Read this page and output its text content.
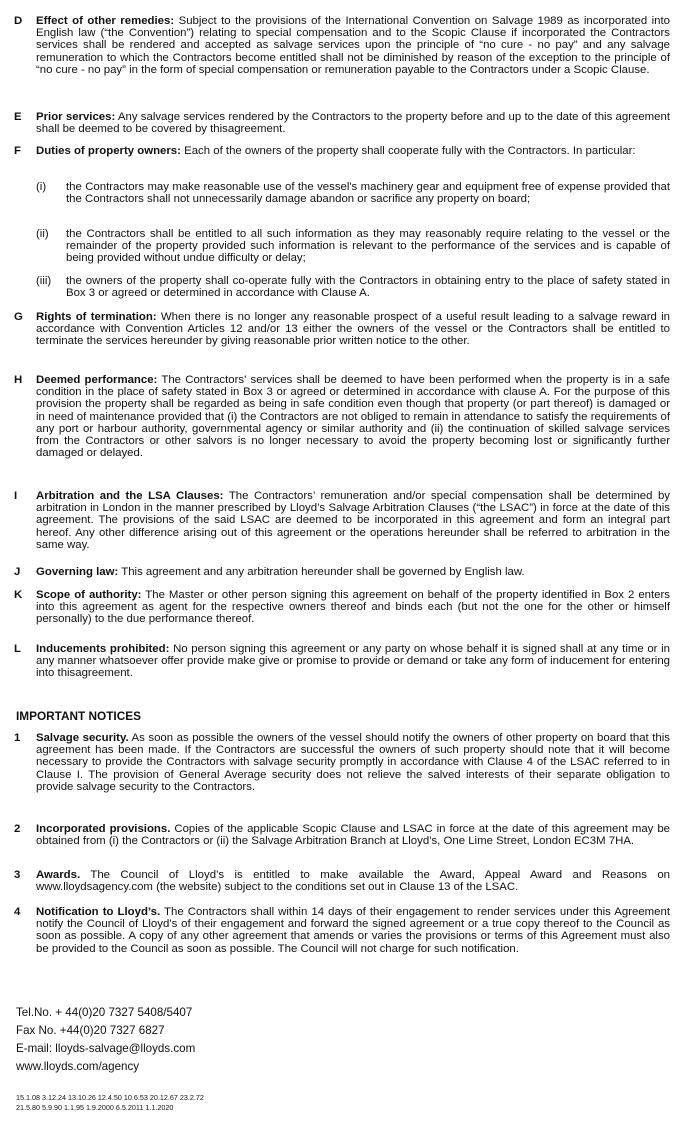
D	Effect of other remedies: Subject to the provisions of the International Convention on Salvage 1989 as incorporated into English law (“the Convention”) relating to special compensation and to the Scopic Clause if incorporated the Contractors services shall be rendered and accepted as salvage services upon the principle of “no cure - no pay” and any salvage remuneration to which the Contractors become entitled shall not be diminished by reason of the exception to the principle of “no cure - no pay” in the form of special compensation or remuneration payable to the Contractors under a Scopic Clause.
E	Prior services: Any salvage services rendered by the Contractors to the property before and up to the date of this agreement shall be deemed to be covered by thisagreement.
F	Duties of property owners: Each of the owners of the property shall cooperate fully with the Contractors. In particular:
(i)	the Contractors may make reasonable use of the vessel's machinery gear and equipment free of expense provided that the Contractors shall not unnecessarily damage abandon or sacrifice any property on board;
(ii)	the Contractors shall be entitled to all such information as they may reasonably require relating to the vessel or the remainder of the property provided such information is relevant to the performance of the services and is capable of being provided without undue difficulty or delay;
(iii)	the owners of the property shall co-operate fully with the Contractors in obtaining entry to the place of safety stated in Box 3 or agreed or determined in accordance with Clause A.
G	Rights of termination: When there is no longer any reasonable prospect of a useful result leading to a salvage reward in accordance with Convention Articles 12 and/or 13 either the owners of the vessel or the Contractors shall be entitled to terminate the services hereunder by giving reasonable prior written notice to the other.
H	Deemed performance: The Contractors' services shall be deemed to have been performed when the property is in a safe condition in the place of safety stated in Box 3 or agreed or determined in accordance with clause A. For the purpose of this provision the property shall be regarded as being in safe condition even though that property (or part thereof) is damaged or in need of maintenance provided that (i) the Contractors are not obliged to remain in attendance to satisfy the requirements of any port or harbour authority, governmental agency or similar authority and (ii) the continuation of skilled salvage services from the Contractors or other salvors is no longer necessary to avoid the property becoming lost or significantly further damaged or delayed.
I	Arbitration and the LSA Clauses: The Contractors’ remuneration and/or special compensation shall be determined by arbitration in London in the manner prescribed by Lloyd’s Salvage Arbitration Clauses (“the LSAC”) in force at the date of this agreement. The provisions of the said LSAC are deemed to be incorporated in this agreement and form an integral part hereof. Any other difference arising out of this agreement or the operations hereunder shall be referred to arbitration in the same way.
J	Governing law: This agreement and any arbitration hereunder shall be governed by English law.
K	Scope of authority: The Master or other person signing this agreement on behalf of the property identified in Box 2 enters into this agreement as agent for the respective owners thereof and binds each (but not the one for the other or himself personally) to the due performance thereof.
L	Inducements prohibited: No person signing this agreement or any party on whose behalf it is signed shall at any time or in any manner whatsoever offer provide make give or promise to provide or demand or take any form of inducement for entering into thisagreement.
IMPORTANT NOTICES
1	Salvage security. As soon as possible the owners of the vessel should notify the owners of other property on board that this agreement has been made. If the Contractors are successful the owners of such property should note that it will become necessary to provide the Contractors with salvage security promptly in accordance with Clause 4 of the LSAC referred to in Clause I. The provision of General Average security does not relieve the salved interests of their separate obligation to provide salvage security to the Contractors.
2	Incorporated provisions. Copies of the applicable Scopic Clause and LSAC in force at the date of this agreement may be obtained from (i) the Contractors or (ii) the Salvage Arbitration Branch at Lloyd’s, One Lime Street, London EC3M 7HA.
3	Awards. The Council of Lloyd’s is entitled to make available the Award, Appeal Award and Reasons on www.lloydsagency.com (the website) subject to the conditions set out in Clause 13 of the LSAC.
4	Notification to Lloyd’s. The Contractors shall within 14 days of their engagement to render services under this Agreement notify the Council of Lloyd’s of their engagement and forward the signed agreement or a true copy thereof to the Council as soon as possible. A copy of any other agreement that amends or varies the provisions or terms of this Agreement must also be provided to the Council as soon as possible. The Council will not charge for such notification.
Tel.No. + 44(0)20 7327 5408/5407
Fax No. +44(0)20 7327 6827
E-mail: lloyds-salvage@lloyds.com
www.lloyds.com/agency
15.1.08 3.12.24 13.10.26 12.4.50 10.6.53 20.12.67 23.2.72
21.5.80 5.9.90 1.1.95 1.9.2000 6.5.2011 1.1.2020
